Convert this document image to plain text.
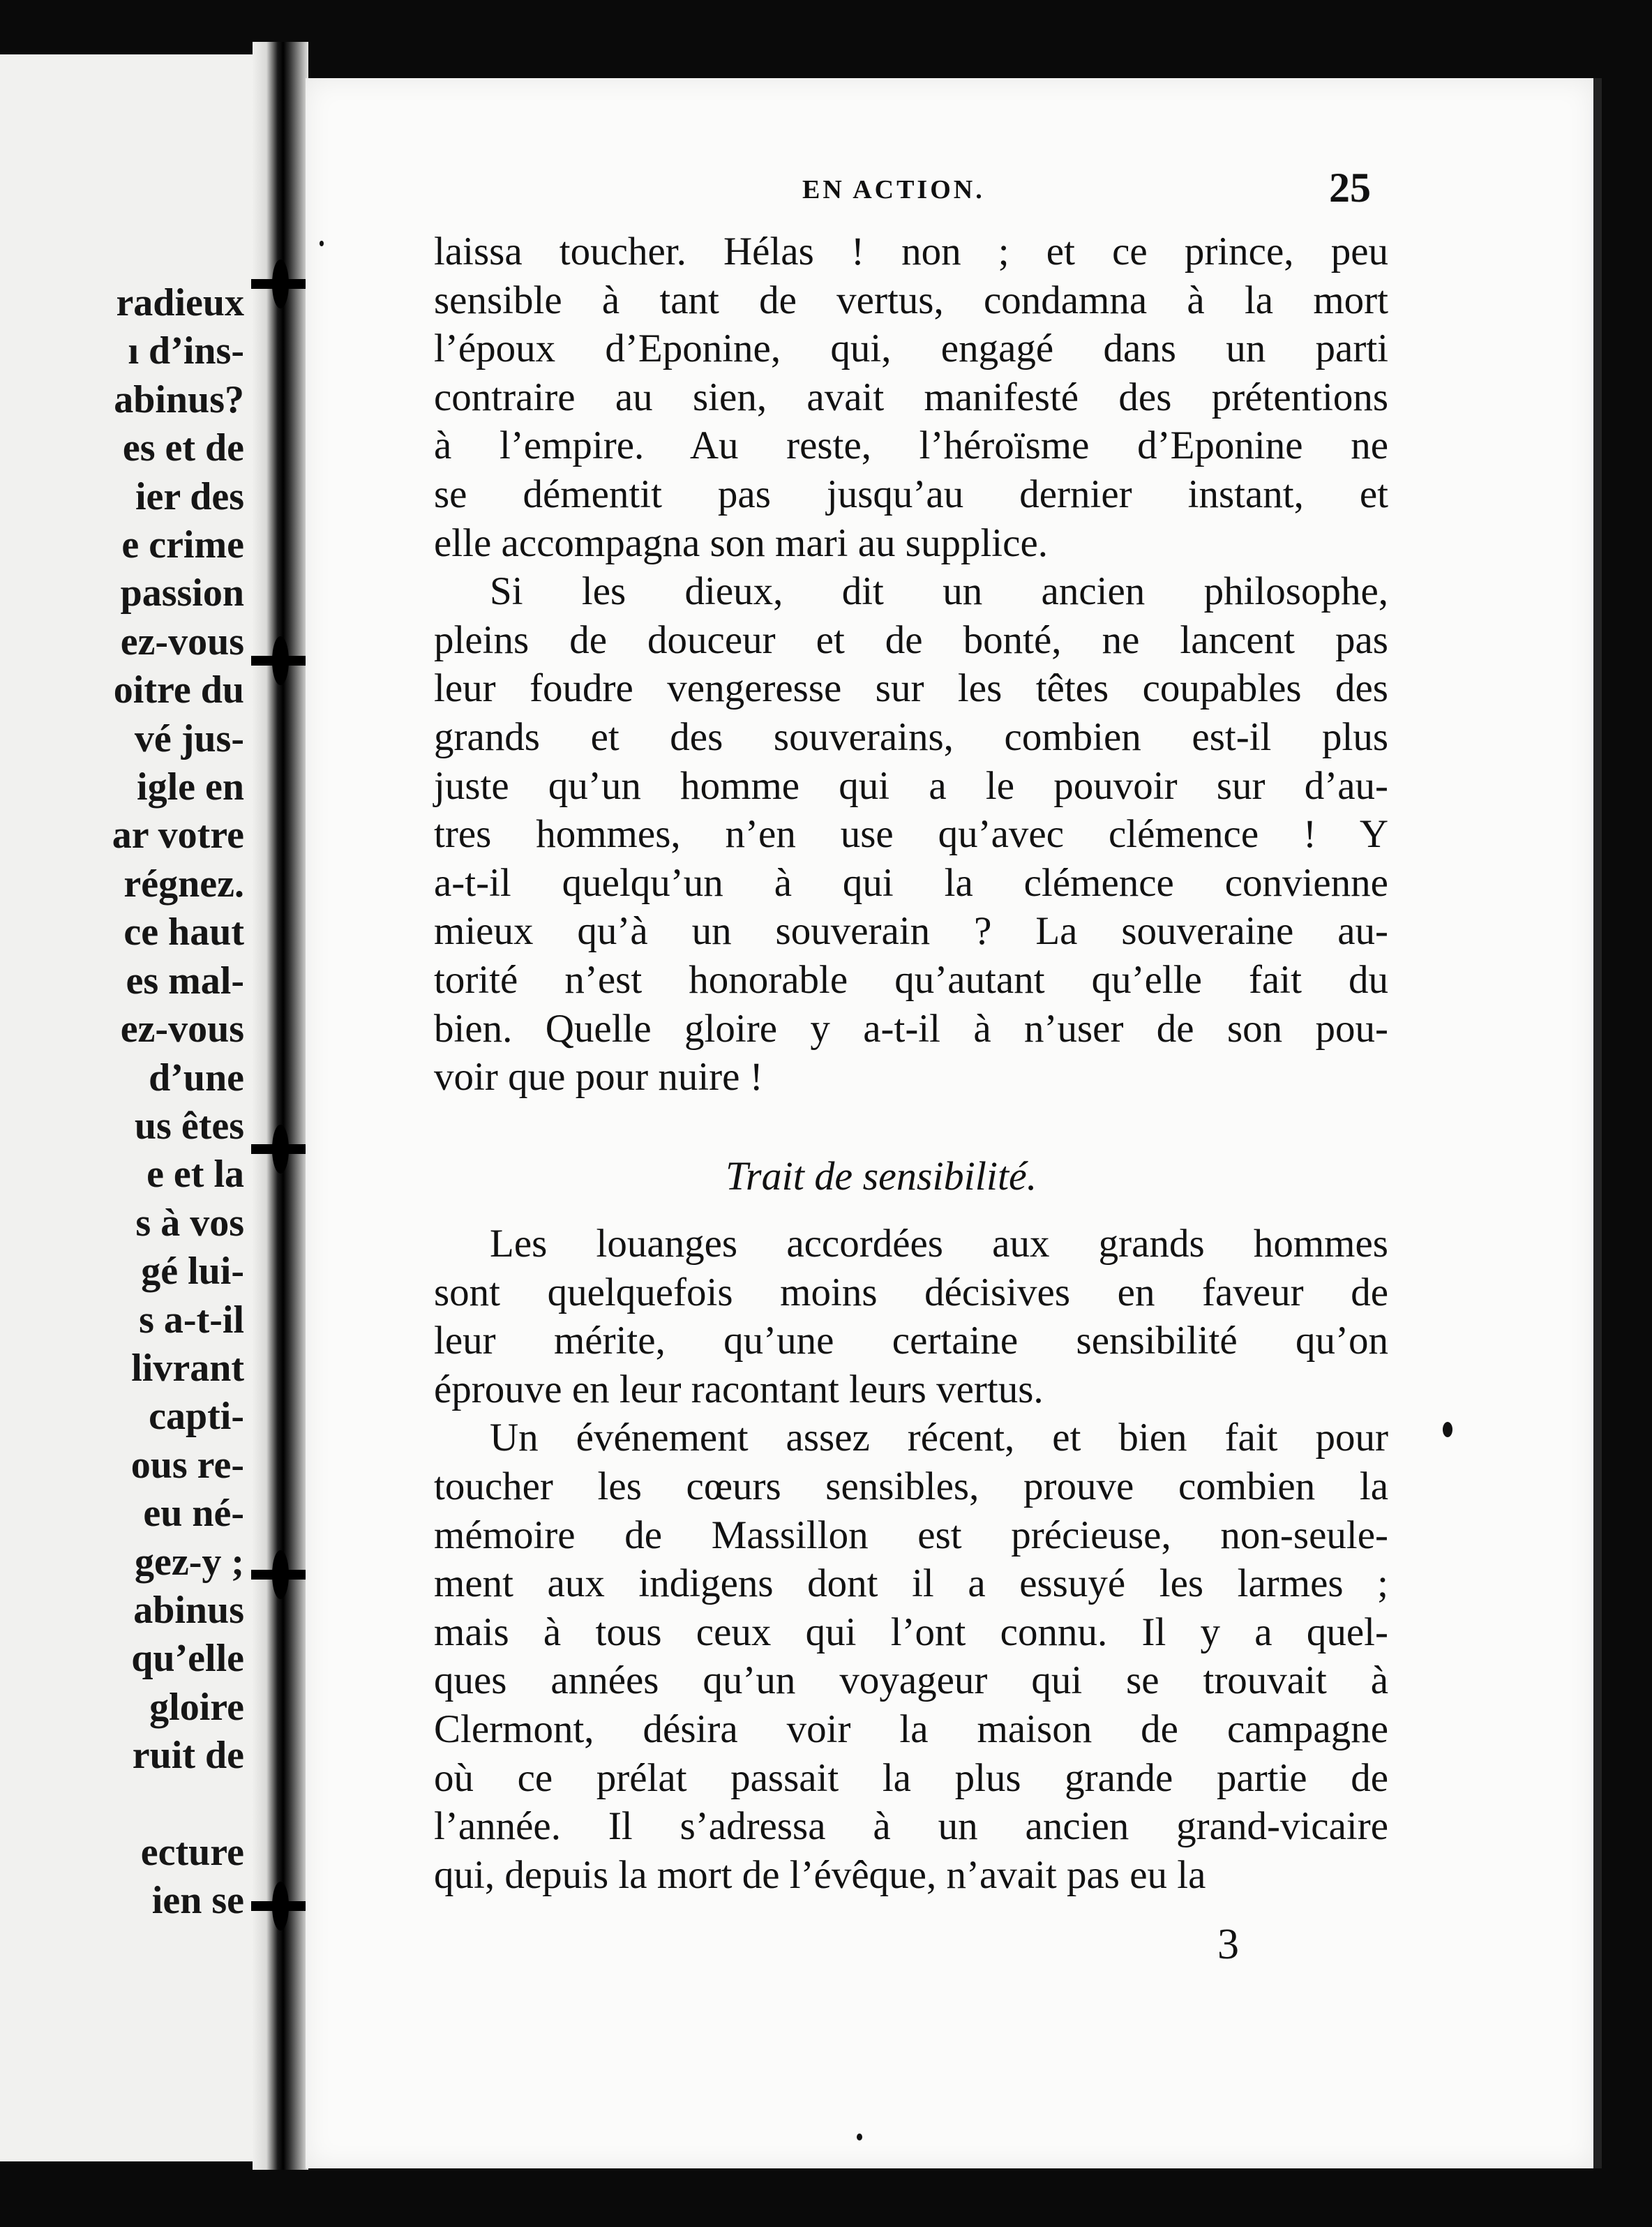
radieux
ı d’ins-
abinus?
es et de
ier des
e crime
passion
ez-vous
oitre du
vé jus-
igle en
ar votre
régnez.
ce haut
es mal-
ez-vous
d’une
us êtes
e et la
s à vos
gé lui-
s a-t-il
livrant
capti-
ous re-
eu né-
gez-y ;
abinus
qu’elle
gloire
ruit de
ecture
ien se
EN ACTION.	25
laissa toucher. Hélas ! non ; et ce prince, peu
sensible à tant de vertus, condamna à la mort
l’époux d’Eponine, qui, engagé dans un parti
contraire au sien, avait manifesté des prétentions
à l’empire. Au reste, l’héroïsme d’Eponine ne
se démentit pas jusqu’au dernier instant, et
elle accompagna son mari au supplice.
Si les dieux, dit un ancien philosophe,
pleins de douceur et de bonté, ne lancent pas
leur foudre vengeresse sur les têtes coupables des
grands et des souverains, combien est-il plus
juste qu’un homme qui a le pouvoir sur d’au-
tres hommes, n’en use qu’avec clémence ! Y
a-t-il quelqu’un à qui la clémence convienne
mieux qu’à un souverain ? La souveraine au-
torité n’est honorable qu’autant qu’elle fait du
bien. Quelle gloire y a-t-il à n’user de son pou-
voir que pour nuire !
Trait de sensibilité.
Les louanges accordées aux grands hommes
sont quelquefois moins décisives en faveur de
leur mérite, qu’une certaine sensibilité qu’on
éprouve en leur racontant leurs vertus.
Un événement assez récent, et bien fait pour
toucher les cœurs sensibles, prouve combien la
mémoire de Massillon est précieuse, non-seule-
ment aux indigens dont il a essuyé les larmes ;
mais à tous ceux qui l’ont connu. Il y a quel-
ques années qu’un voyageur qui se trouvait à
Clermont, désira voir la maison de campagne
où ce prélat passait la plus grande partie de
l’année. Il s’adressa à un ancien grand-vicaire
qui, depuis la mort de l’évêque, n’avait pas eu la
3
